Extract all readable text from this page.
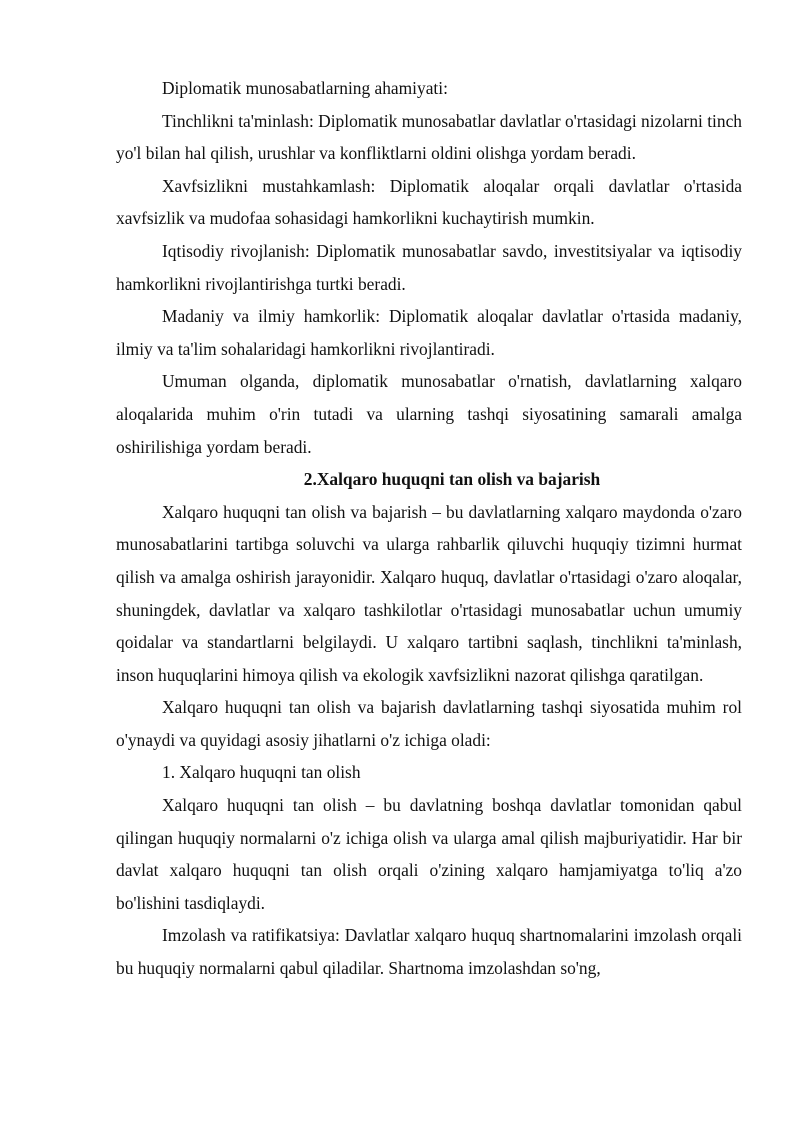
Diplomatik munosabatlarning ahamiyati:

Tinchlikni ta'minlash: Diplomatik munosabatlar davlatlar o'rtasidagi nizolarni tinch yo'l bilan hal qilish, urushlar va konfliktlarni oldini olishga yordam beradi.

Xavfsizlikni mustahkamlash: Diplomatik aloqalar orqali davlatlar o'rtasida xavfsizlik va mudofaa sohasidagi hamkorlikni kuchaytirish mumkin.

Iqtisodiy rivojlanish: Diplomatik munosabatlar savdo, investitsiyalar va iqtisodiy hamkorlikni rivojlantirishga turtki beradi.

Madaniy va ilmiy hamkorlik: Diplomatik aloqalar davlatlar o'rtasida madaniy, ilmiy va ta'lim sohalaridagi hamkorlikni rivojlantiradi.

Umuman olganda, diplomatik munosabatlar o'rnatish, davlatlarning xalqaro aloqalarida muhim o'rin tutadi va ularning tashqi siyosatining samarali amalga oshirilishiga yordam beradi.

2.Xalqaro huquqni tan olish va bajarish

Xalqaro huquqni tan olish va bajarish – bu davlatlarning xalqaro maydonda o'zaro munosabatlarini tartibga soluvchi va ularga rahbarlik qiluvchi huquqiy tizimni hurmat qilish va amalga oshirish jarayonidir. Xalqaro huquq, davlatlar o'rtasidagi o'zaro aloqalar, shuningdek, davlatlar va xalqaro tashkilotlar o'rtasidagi munosabatlar uchun umumiy qoidalar va standartlarni belgilaydi. U xalqaro tartibni saqlash, tinchlikni ta'minlash, inson huquqlarini himoya qilish va ekologik xavfsizlikni nazorat qilishga qaratilgan.

Xalqaro huquqni tan olish va bajarish davlatlarning tashqi siyosatida muhim rol o'ynaydi va quyidagi asosiy jihatlarni o'z ichiga oladi:

1. Xalqaro huquqni tan olish

Xalqaro huquqni tan olish – bu davlatning boshqa davlatlar tomonidan qabul qilingan huquqiy normalarni o'z ichiga olish va ularga amal qilish majburiyatidir. Har bir davlat xalqaro huquqni tan olish orqali o'zining xalqaro hamjamiyatga to'liq a'zo bo'lishini tasdiqlaydi.

Imzolash va ratifikatsiya: Davlatlar xalqaro huquq shartnomalarini imzolash orqali bu huquqiy normalarni qabul qiladilar. Shartnoma imzolashdan so'ng,
